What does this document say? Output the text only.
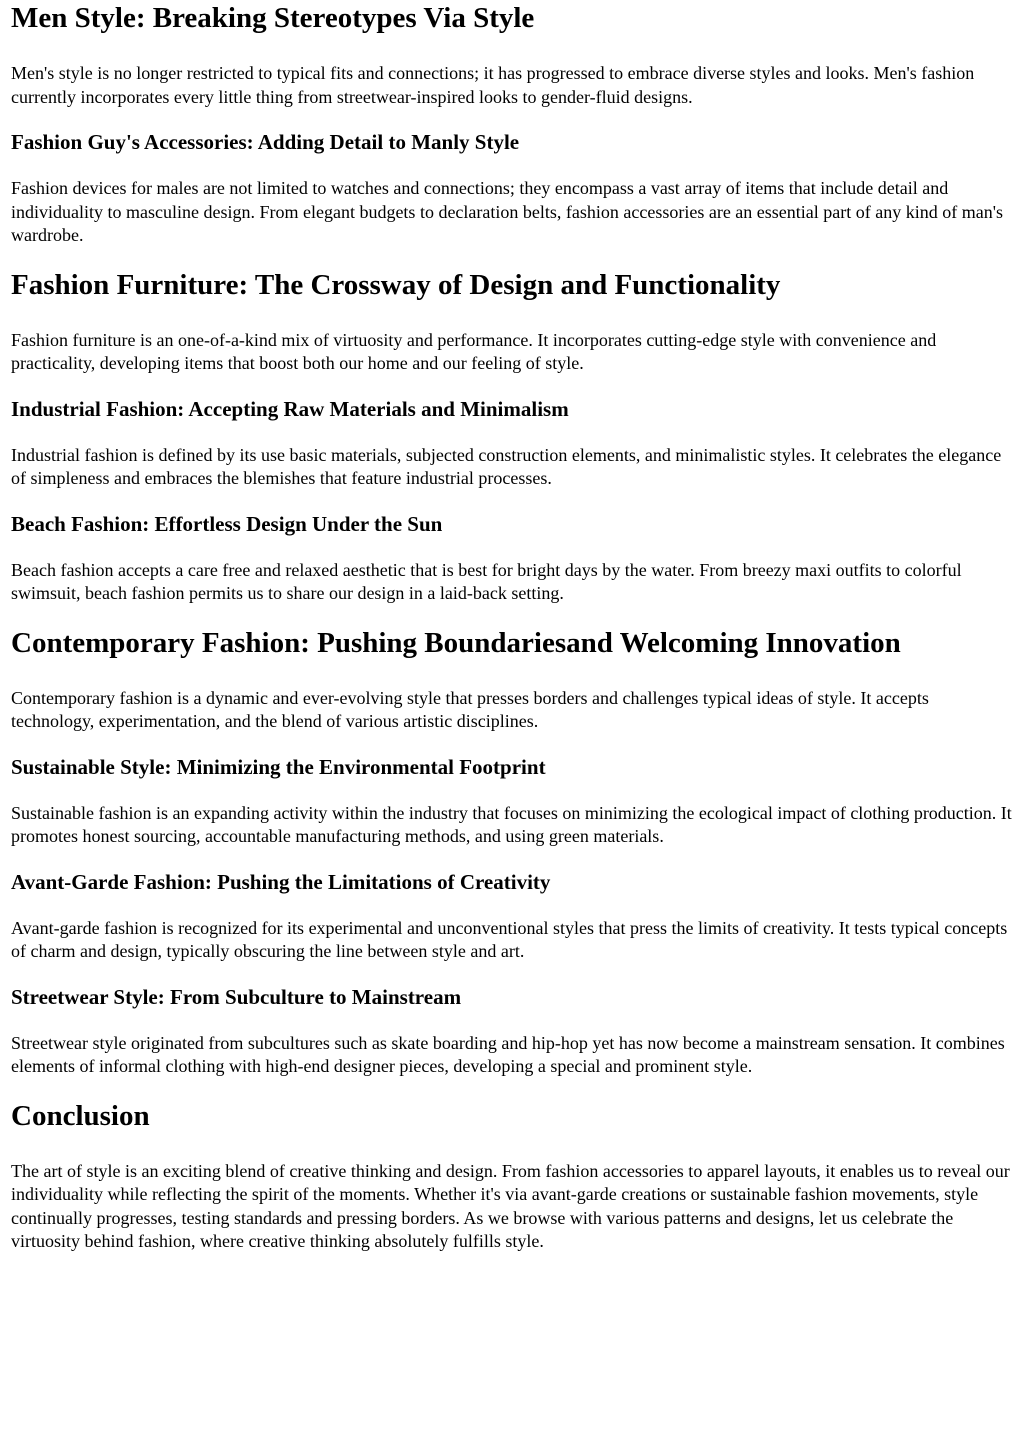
Men Style: Breaking Stereotypes Via Style

Men's style is no longer restricted to typical fits and connections; it has progressed to embrace diverse styles and looks. Men's fashion currently incorporates every little thing from streetwear-inspired looks to gender-fluid designs.

Fashion Guy's Accessories: Adding Detail to Manly Style

Fashion devices for males are not limited to watches and connections; they encompass a vast array of items that include detail and individuality to masculine design. From elegant budgets to declaration belts, fashion accessories are an essential part of any kind of man's wardrobe.

Fashion Furniture: The Crossway of Design and Functionality

Fashion furniture is an one-of-a-kind mix of virtuosity and performance. It incorporates cutting-edge style with convenience and practicality, developing items that boost both our home and our feeling of style.

Industrial Fashion: Accepting Raw Materials and Minimalism

Industrial fashion is defined by its use basic materials, subjected construction elements, and minimalistic styles. It celebrates the elegance of simpleness and embraces the blemishes that feature industrial processes.

Beach Fashion: Effortless Design Under the Sun

Beach fashion accepts a care free and relaxed aesthetic that is best for bright days by the water. From breezy maxi outfits to colorful swimsuit, beach fashion permits us to share our design in a laid-back setting.

Contemporary Fashion: Pushing Boundariesand Welcoming Innovation

Contemporary fashion is a dynamic and ever-evolving style that presses borders and challenges typical ideas of style. It accepts technology, experimentation, and the blend of various artistic disciplines.

Sustainable Style: Minimizing the Environmental Footprint

Sustainable fashion is an expanding activity within the industry that focuses on minimizing the ecological impact of clothing production. It promotes honest sourcing, accountable manufacturing methods, and using green materials.

Avant-Garde Fashion: Pushing the Limitations of Creativity

Avant-garde fashion is recognized for its experimental and unconventional styles that press the limits of creativity. It tests typical concepts of charm and design, typically obscuring the line between style and art.

Streetwear Style: From Subculture to Mainstream

Streetwear style originated from subcultures such as skate boarding and hip-hop yet has now become a mainstream sensation. It combines elements of informal clothing with high-end designer pieces, developing a special and prominent style.

Conclusion

The art of style is an exciting blend of creative thinking and design. From fashion accessories to apparel layouts, it enables us to reveal our individuality while reflecting the spirit of the moments. Whether it's via avant-garde creations or sustainable fashion movements, style continually progresses, testing standards and pressing borders. As we browse with various patterns and designs, let us celebrate the virtuosity behind fashion, where creative thinking absolutely fulfills style.
